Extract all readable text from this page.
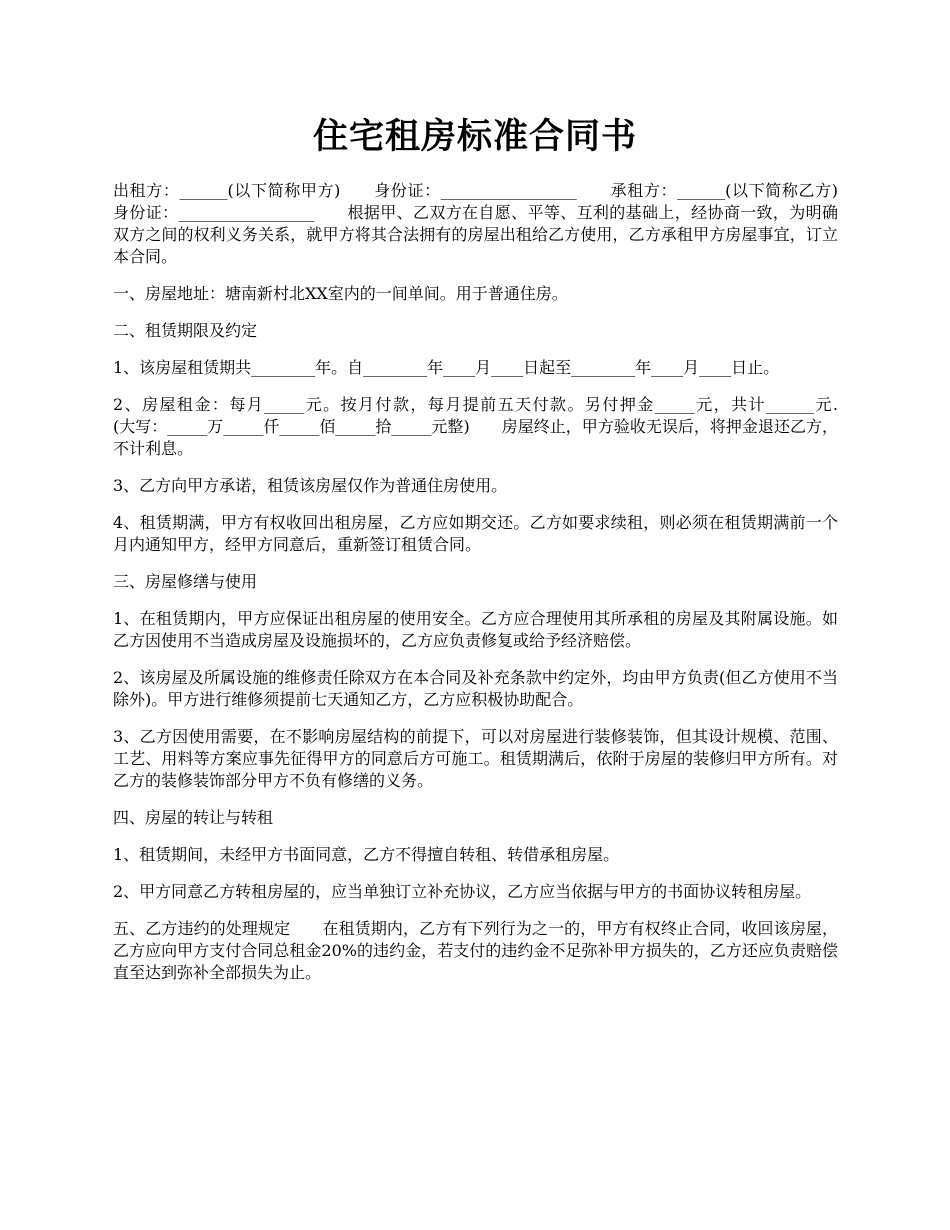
住宅租房标准合同书

出租方：______(以下简称甲方)　　身份证：_________________　　承租方：______(以下简称乙方)　　身份证：_________________　　根据甲、乙双方在自愿、平等、互利的基础上，经协商一致，为明确双方之间的权利义务关系，就甲方将其合法拥有的房屋出租给乙方使用，乙方承租甲方房屋事宜，订立本合同。

一、房屋地址：塘南新村北XX室内的一间单间。用于普通住房。

二、租赁期限及约定

1、该房屋租赁期共________年。自________年____月____日起至________年____月____日止。

2、房屋租金：每月_____元。按月付款，每月提前五天付款。另付押金_____元，共计______元.　　(大写：_____万_____仟_____佰_____拾_____元整)　　房屋终止，甲方验收无误后，将押金退还乙方，不计利息。

3、乙方向甲方承诺，租赁该房屋仅作为普通住房使用。

4、租赁期满，甲方有权收回出租房屋，乙方应如期交还。乙方如要求续租，则必须在租赁期满前一个月内通知甲方，经甲方同意后，重新签订租赁合同。

三、房屋修缮与使用

1、在租赁期内，甲方应保证出租房屋的使用安全。乙方应合理使用其所承租的房屋及其附属设施。如乙方因使用不当造成房屋及设施损坏的，乙方应负责修复或给予经济赔偿。

2、该房屋及所属设施的维修责任除双方在本合同及补充条款中约定外，均由甲方负责(但乙方使用不当除外)。甲方进行维修须提前七天通知乙方，乙方应积极协助配合。

3、乙方因使用需要，在不影响房屋结构的前提下，可以对房屋进行装修装饰，但其设计规模、范围、工艺、用料等方案应事先征得甲方的同意后方可施工。租赁期满后，依附于房屋的装修归甲方所有。对乙方的装修装饰部分甲方不负有修缮的义务。

四、房屋的转让与转租

1、租赁期间，未经甲方书面同意，乙方不得擅自转租、转借承租房屋。

2、甲方同意乙方转租房屋的，应当单独订立补充协议，乙方应当依据与甲方的书面协议转租房屋。

五、乙方违约的处理规定　　在租赁期内，乙方有下列行为之一的，甲方有权终止合同，收回该房屋，乙方应向甲方支付合同总租金20%的违约金，若支付的违约金不足弥补甲方损失的，乙方还应负责赔偿直至达到弥补全部损失为止。
